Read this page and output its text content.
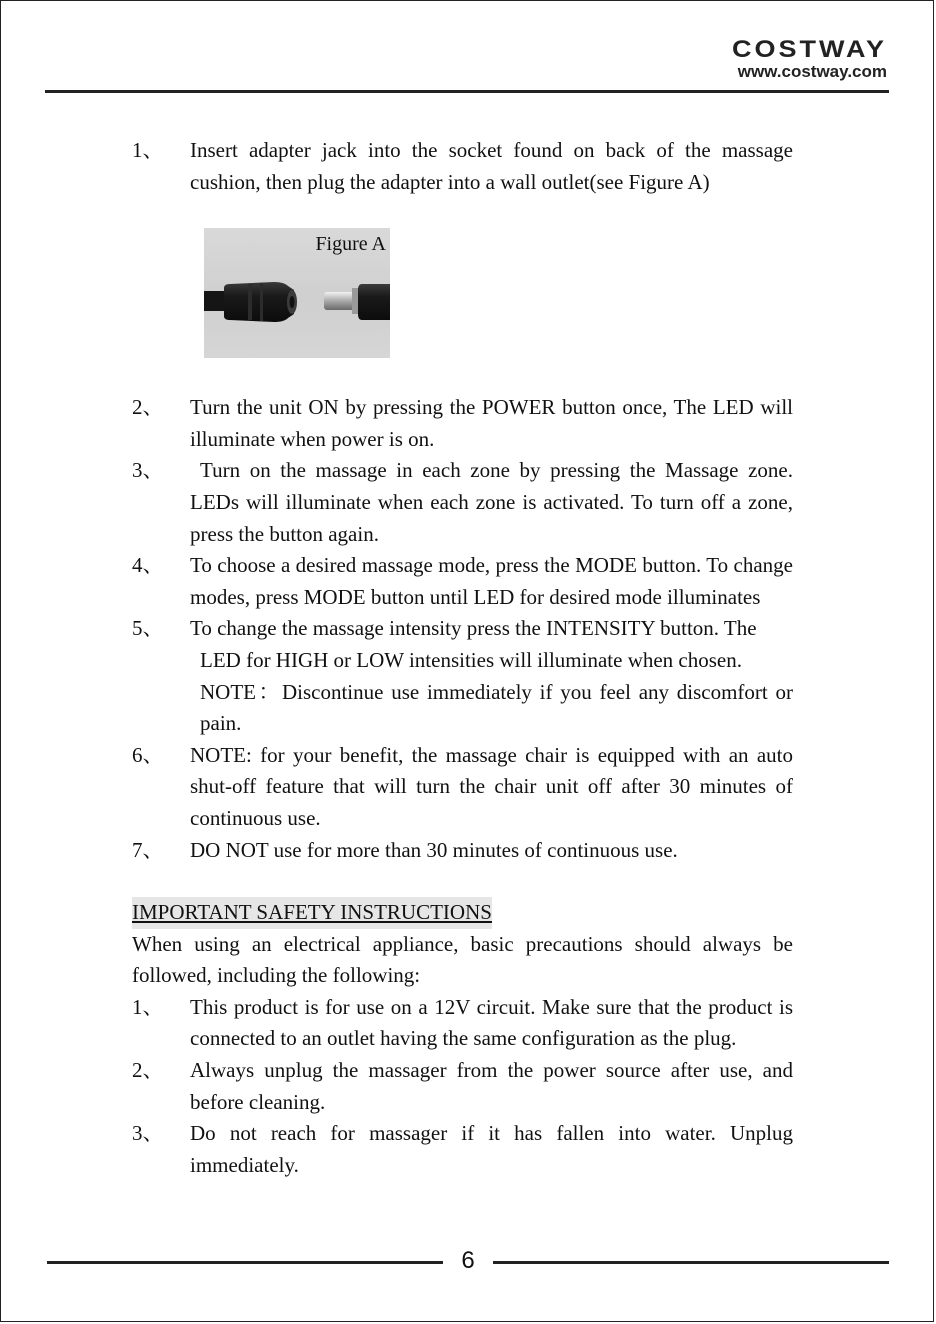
COSTWAY
www.costway.com
1、	Insert adapter jack into the socket found on back of the massage cushion, then plug the adapter into a wall outlet(see Figure A)
Figure A
2、	Turn the unit ON by pressing the POWER button once, The LED will illuminate when power is on.
3、	Turn on the massage in each zone by pressing the Massage zone. LEDs will illuminate when each zone is activated. To turn off a zone, press the button again.
4、	To choose a desired massage mode, press the MODE button. To change modes, press MODE button until LED for desired mode illuminates
5、	To change the massage intensity press the INTENSITY button. The
LED for HIGH or LOW intensities will illuminate when chosen.
NOTE：Discontinue use immediately if you feel any discomfort or pain.
6、	NOTE: for your benefit, the massage chair is equipped with an auto shut-off feature that will turn the chair unit off after 30 minutes of continuous use.
7、	DO NOT use for more than 30 minutes of continuous use.
IMPORTANT SAFETY INSTRUCTIONS
When using an electrical appliance, basic precautions should always be followed, including the following:
1、	This product is for use on a 12V circuit. Make sure that the product is connected to an outlet having the same configuration as the plug.
2、	Always unplug the massager from the power source after use, and before cleaning.
3、	Do not reach for massager if it has fallen into water. Unplug immediately.
6
